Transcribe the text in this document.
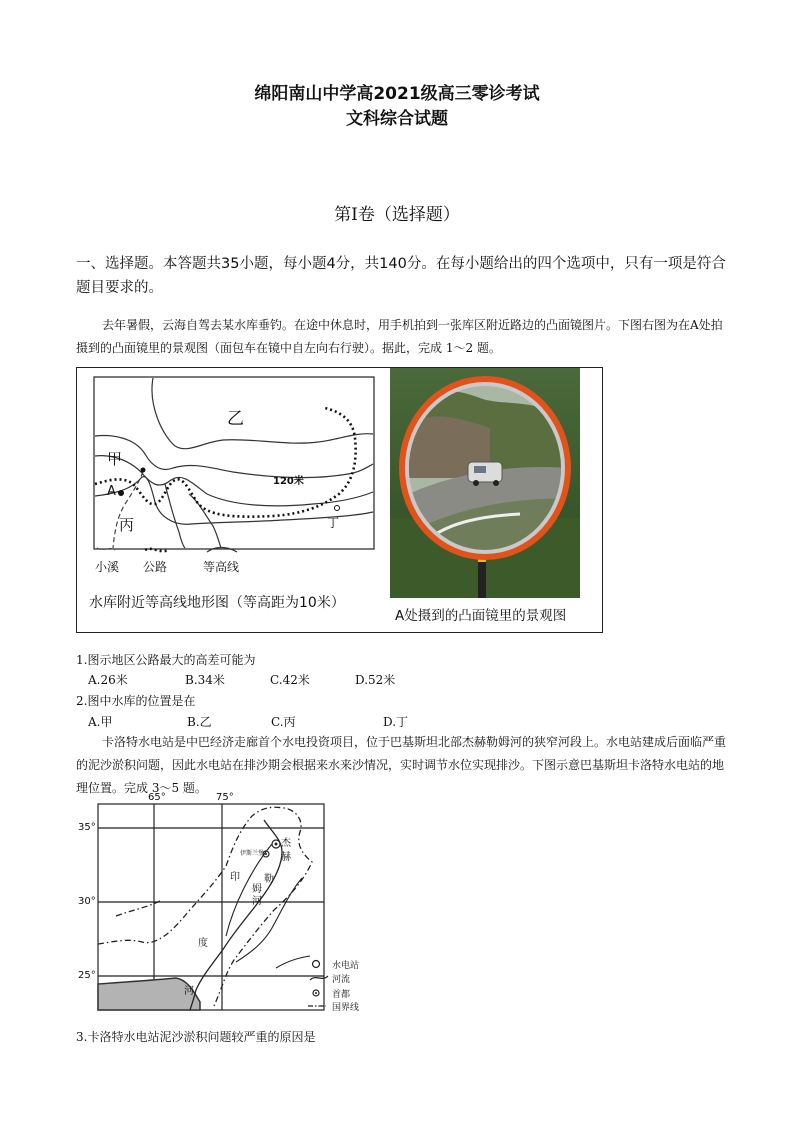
绵阳南山中学高2021级高三零诊考试
文科综合试题
第Ⅰ卷（选择题）
一、选择题。本答题共35小题，每小题4分，共140分。在每小题给出的四个选项中，只有一项是符合题目要求的。
去年暑假，云海自驾去某水库垂钓。在途中休息时，用手机拍到一张库区附近路边的凸面镜图片。下图右图为在A处拍摄到的凸面镜里的景观图（面包车在镜中自左向右行驶）。据此，完成 1～2 题。
乙
甲
A
丙	丁
120米
小溪 公路	等高线
水库附近等高线地形图（等高距为10米）
A处摄到的凸面镜里的景观图
1.图示地区公路最大的高差可能为
A.26米	B.34米	C.42米	D.52米
2.图中水库的位置是在
A.甲	B.乙	C.丙	D.丁
卡洛特水电站是中巴经济走廊首个水电投资项目，位于巴基斯坦北部杰赫勒姆河的狭窄河段上。水电站建成后面临严重的泥沙淤积问题，因此水电站在排沙期会根据来水来沙情况，实时调节水位实现排沙。下图示意巴基斯坦卡洛特水电站的地理位置。完成 3～5 题。
65°	75°
35°
30°
25°
杰
赫
伊斯兰堡
印 勒
姆
河
度
河
水电站
河流
首都
国界线
3.卡洛特水电站泥沙淤积问题较严重的原因是
